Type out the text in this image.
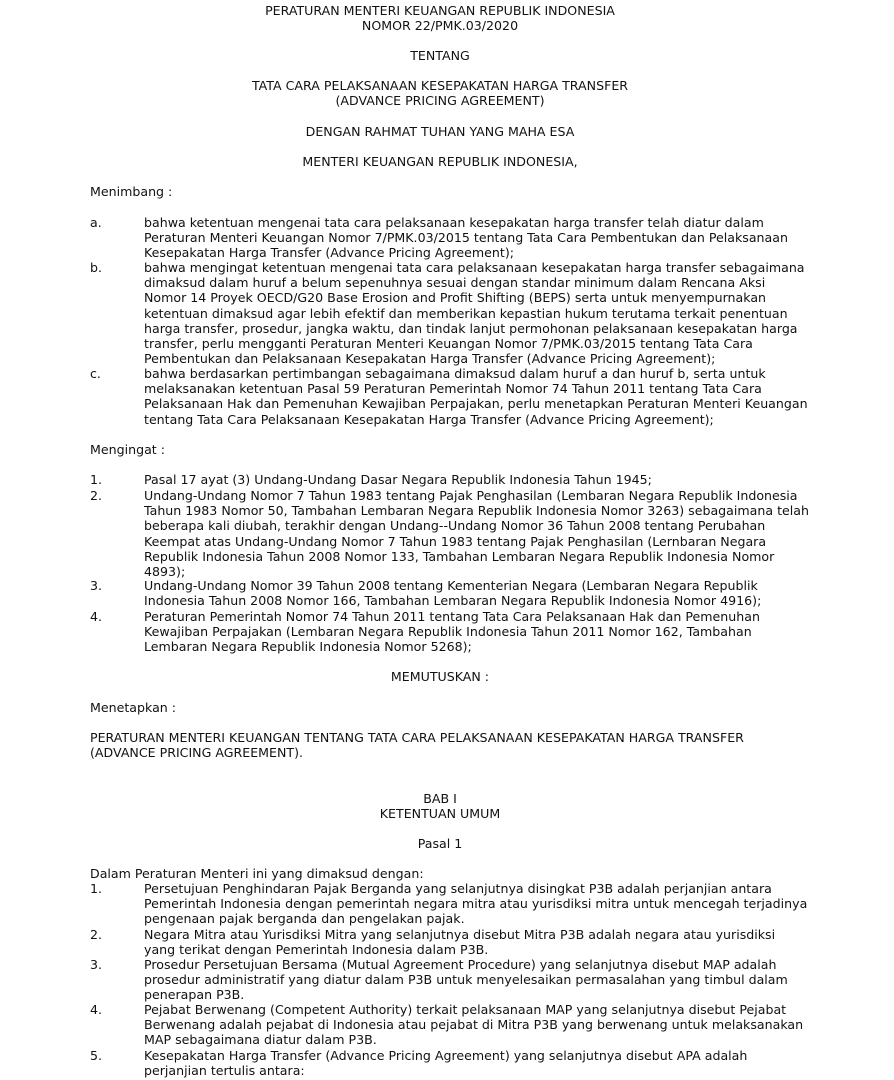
PERATURAN MENTERI KEUANGAN REPUBLIK INDONESIA
NOMOR 22/PMK.03/2020
TENTANG
TATA CARA PELAKSANAAN KESEPAKATAN HARGA TRANSFER
(ADVANCE PRICING AGREEMENT)
DENGAN RAHMAT TUHAN YANG MAHA ESA
MENTERI KEUANGAN REPUBLIK INDONESIA,
Menimbang :
a.	bahwa ketentuan mengenai tata cara pelaksanaan kesepakatan harga transfer telah diatur dalam Peraturan Menteri Keuangan Nomor 7/PMK.03/2015 tentang Tata Cara Pembentukan dan Pelaksanaan Kesepakatan Harga Transfer (Advance Pricing Agreement);
b.	bahwa mengingat ketentuan mengenai tata cara pelaksanaan kesepakatan harga transfer sebagaimana dimaksud dalam huruf a belum sepenuhnya sesuai dengan standar minimum dalam Rencana Aksi Nomor 14 Proyek OECD/G20 Base Erosion and Profit Shifting (BEPS) serta untuk menyempurnakan ketentuan dimaksud agar lebih efektif dan memberikan kepastian hukum terutama terkait penentuan harga transfer, prosedur, jangka waktu, dan tindak lanjut permohonan pelaksanaan kesepakatan harga transfer, perlu mengganti Peraturan Menteri Keuangan Nomor 7/PMK.03/2015 tentang Tata Cara Pembentukan dan Pelaksanaan Kesepakatan Harga Transfer (Advance Pricing Agreement);
c.	bahwa berdasarkan pertimbangan sebagaimana dimaksud dalam huruf a dan huruf b, serta untuk melaksanakan ketentuan Pasal 59 Peraturan Pemerintah Nomor 74 Tahun 2011 tentang Tata Cara Pelaksanaan Hak dan Pemenuhan Kewajiban Perpajakan, perlu menetapkan Peraturan Menteri Keuangan tentang Tata Cara Pelaksanaan Kesepakatan Harga Transfer (Advance Pricing Agreement);
Mengingat :
1.	Pasal 17 ayat (3) Undang-Undang Dasar Negara Republik Indonesia Tahun 1945;
2.	Undang-Undang Nomor 7 Tahun 1983 tentang Pajak Penghasilan (Lembaran Negara Republik Indonesia Tahun 1983 Nomor 50, Tambahan Lembaran Negara Republik Indonesia Nomor 3263) sebagaimana telah beberapa kali diubah, terakhir dengan Undang--Undang Nomor 36 Tahun 2008 tentang Perubahan Keempat atas Undang-Undang Nomor 7 Tahun 1983 tentang Pajak Penghasilan (Lernbaran Negara Republik Indonesia Tahun 2008 Nomor 133, Tambahan Lembaran Negara Republik Indonesia Nomor 4893);
3.	Undang-Undang Nomor 39 Tahun 2008 tentang Kementerian Negara (Lembaran Negara Republik Indonesia Tahun 2008 Nomor 166, Tambahan Lembaran Negara Republik Indonesia Nomor 4916);
4.	Peraturan Pemerintah Nomor 74 Tahun 2011 tentang Tata Cara Pelaksanaan Hak dan Pemenuhan Kewajiban Perpajakan (Lembaran Negara Republik Indonesia Tahun 2011 Nomor 162, Tambahan Lembaran Negara Republik Indonesia Nomor 5268);
MEMUTUSKAN :
Menetapkan :
PERATURAN MENTERI KEUANGAN TENTANG TATA CARA PELAKSANAAN KESEPAKATAN HARGA TRANSFER (ADVANCE PRICING AGREEMENT).
BAB I
KETENTUAN UMUM
Pasal 1
Dalam Peraturan Menteri ini yang dimaksud dengan:
1.	Persetujuan Penghindaran Pajak Berganda yang selanjutnya disingkat P3B adalah perjanjian antara Pemerintah Indonesia dengan pemerintah negara mitra atau yurisdiksi mitra untuk mencegah terjadinya pengenaan pajak berganda dan pengelakan pajak.
2.	Negara Mitra atau Yurisdiksi Mitra yang selanjutnya disebut Mitra P3B adalah negara atau yurisdiksi yang terikat dengan Pemerintah Indonesia dalam P3B.
3.	Prosedur Persetujuan Bersama (Mutual Agreement Procedure) yang selanjutnya disebut MAP adalah prosedur administratif yang diatur dalam P3B untuk menyelesaikan permasalahan yang timbul dalam penerapan P3B.
4.	Pejabat Berwenang (Competent Authority) terkait pelaksanaan MAP yang selanjutnya disebut Pejabat Berwenang adalah pejabat di Indonesia atau pejabat di Mitra P3B yang berwenang untuk melaksanakan MAP sebagaimana diatur dalam P3B.
5.	Kesepakatan Harga Transfer (Advance Pricing Agreement) yang selanjutnya disebut APA adalah perjanjian tertulis antara:
